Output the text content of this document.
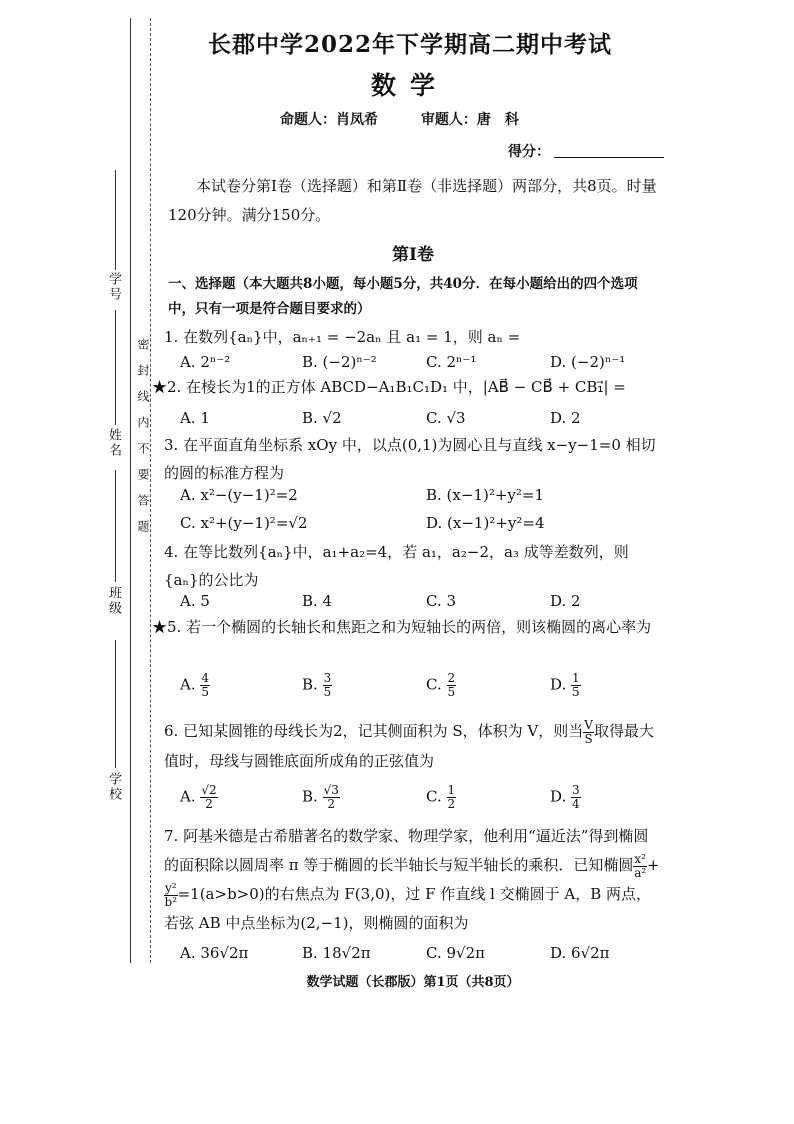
学号
姓名
班级
学校
密封线内不要答题
长郡中学2022年下学期高二期中考试
数学
命题人：肖凤希	审题人：唐　科
得分：
本试卷分第Ⅰ卷（选择题）和第Ⅱ卷（非选择题）两部分，共8页。时量120分钟。满分150分。
第Ⅰ卷
一、选择题（本大题共8小题，每小题5分，共40分．在每小题给出的四个选项中，只有一项是符合题目要求的）
1. 在数列{aₙ}中，aₙ₊₁ = −2aₙ 且 a₁ = 1，则 aₙ =
A. 2ⁿ⁻²	B. (−2)ⁿ⁻²	C. 2ⁿ⁻¹	D. (−2)ⁿ⁻¹
★2. 在棱长为1的正方体 ABCD−A₁B₁C₁D₁ 中，|AB⃗ − CB⃗ + CB₁⃗| =
A. 1	B. √2	C. √3	D. 2
3. 在平面直角坐标系 xOy 中，以点(0,1)为圆心且与直线 x−y−1=0 相切的圆的标准方程为
A. x²−(y−1)²=2	B. (x−1)²+y²=1
C. x²+(y−1)²=√2	D. (x−1)²+y²=4
4. 在等比数列{aₙ}中，a₁+a₂=4，若 a₁，a₂−2，a₃ 成等差数列，则{aₙ}的公比为
A. 5	B. 4	C. 3	D. 2
★5. 若一个椭圆的长轴长和焦距之和为短轴长的两倍，则该椭圆的离心率为
A. $\frac{4}{5}$	B. $\frac{3}{5}$	C. $\frac{2}{5}$	D. $\frac{1}{5}$
6. 已知某圆锥的母线长为2，记其侧面积为 S，体积为 V，则当 $\frac{V}{S}$ 取得最大值时，母线与圆锥底面所成角的正弦值为
A. $\frac{√2}{2}$	B. $\frac{√3}{2}$	C. $\frac{1}{2}$	D. $\frac{3}{4}$
7. 阿基米德是古希腊著名的数学家、物理学家，他利用“逼近法”得到椭圆的面积除以圆周率 π 等于椭圆的长半轴长与短半轴长的乘积．已知椭圆 $\frac{\text{x²}}{\text{a²}}$ +
$\frac{\text{y²}}{\text{b²}} =1(a>b>0)$的右焦点为 F(3,0)，过 F 作直线 l 交椭圆于 A，B 两点，若弦 AB 中点坐标为(2,−1)，则椭圆的面积为
A. 36√2π	B. 18√2π	C. 9√2π	D. 6√2π
数学试题（长郡版）第1页（共8页）
